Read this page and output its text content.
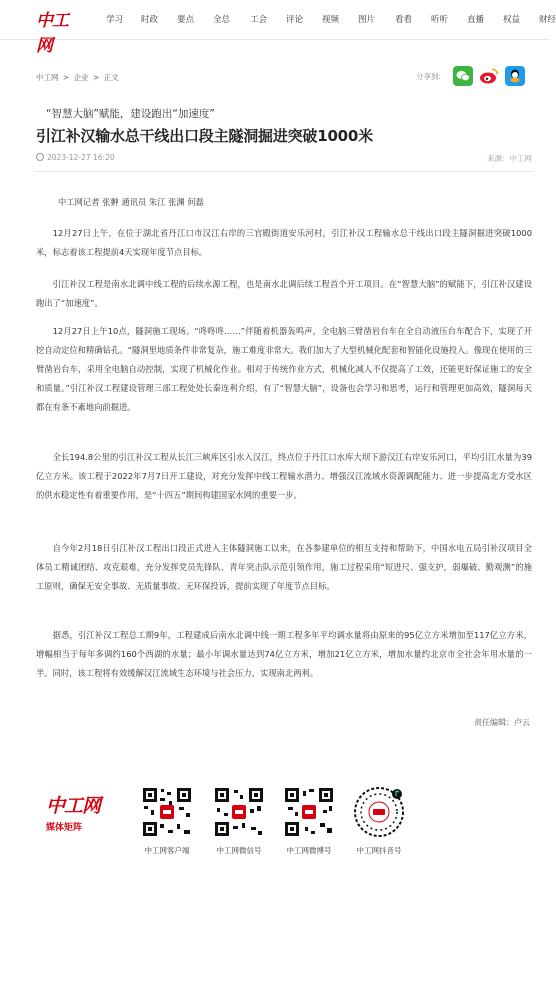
中工网
学习 时政 要点 全总 工会 评论 视频 图片 看看 听听 直播 权益 财经
中工网 > 企业 > 正文	分享到:
“智慧大脑”赋能，建设跑出“加速度”
引江补汉输水总干线出口段主隧洞掘进突破1000米
2023-12-27 16:20	来源：中工网
中工网记者 张翀 通讯员 朱江 张渊 何磊
12月27日上午，在位于湖北省丹江口市汉江右岸的三官殿街道安乐河村，引江补汉工程输水总干线出口段主隧洞掘进突破1000米，标志着该工程提前4天实现年度节点目标。
引江补汉工程是南水北调中线工程的后续水源工程，也是南水北调后续工程首个开工项目。在“智慧大脑”的赋能下，引江补汉建设跑出了“加速度”。
12月27日上午10点，隧洞施工现场。“咚咚咚……”伴随着机器轰鸣声，全电脑三臂凿岩台车在全自动液压台车配合下，实现了开挖自动定位和精确钻孔。“隧洞里地质条件非常复杂，施工难度非常大。我们加大了大型机械化配套和智能化设施投入。像现在使用的三臂凿岩台车，采用全电脑自动控制，实现了机械化作业。相对于传统作业方式，机械化减人不仅提高了工效，还能更好保证施工的安全和质量。”引江补汉工程建设管理三部工程处处长秦连利介绍，有了“智慧大脑”，设备也会学习和思考，运行和管理更加高效，隧洞每天都在有条不紊地向前掘进。
全长194.8公里的引江补汉工程从长江三峡库区引水入汉江，终点位于丹江口水库大坝下游汉江右岸安乐河口，平均引江水量为39亿立方米。该工程于2022年7月7日开工建设，对充分发挥中线工程输水潜力、增强汉江流域水资源调配能力、进一步提高北方受水区的供水稳定性有着重要作用，是“十四五”期间构建国家水网的重要一步。
自今年2月18日引江补汉工程出口段正式进入主体隧洞施工以来，在各参建单位的相互支持和帮助下，中国水电五局引补汉项目全体员工精诚团结、攻克艰难，充分发挥党员先锋队、青年突击队示范引领作用，施工过程采用“短进尺、强支护，弱爆破、勤观测”的施工原则，确保无安全事故、无质量事故、无环保投诉，提前实现了年度节点目标。
据悉，引江补汉工程总工期9年，工程建成后南水北调中线一期工程多年平均调水量将由原来的95亿立方米增加至117亿立方米，增幅相当于每年多调约160个西湖的水量；最小年调水量达到74亿立方米，增加21亿立方米，增加水量约北京市全社会年用水量的一半。同时，该工程将有效缓解汉江流域生态环境与社会压力，实现南北两利。
责任编辑：卢云
中工网
媒体矩阵
中工网客户端	中工网微信号	中工网微博号	中工网抖音号
